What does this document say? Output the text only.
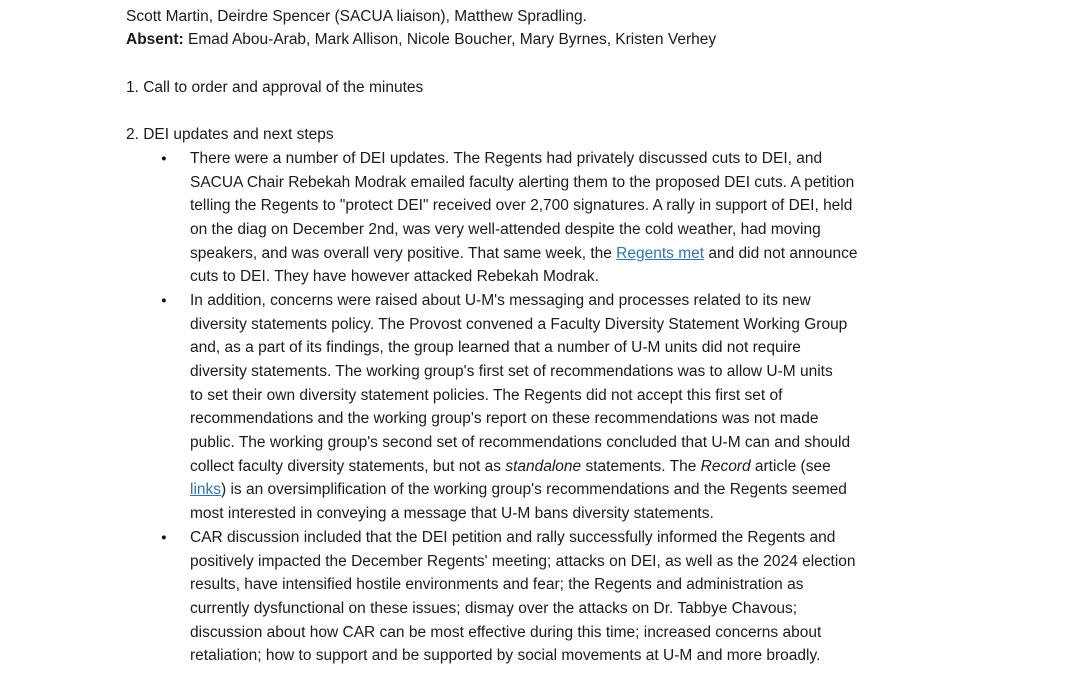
Scott Martin, Deirdre Spencer (SACUA liaison), Matthew Spradling.
Absent: Emad Abou-Arab, Mark Allison, Nicole Boucher, Mary Byrnes, Kristen Verhey
1. Call to order and approval of the minutes
2. DEI updates and next steps
●	There were a number of DEI updates. The Regents had privately discussed cuts to DEI, and
SACUA Chair Rebekah Modrak emailed faculty alerting them to the proposed DEI cuts. A petition
telling the Regents to "protect DEI" received over 2,700 signatures. A rally in support of DEI, held
on the diag on December 2nd, was very well-attended despite the cold weather, had moving
speakers, and was overall very positive. That same week, the Regents met and did not announce
cuts to DEI. They have however attacked Rebekah Modrak.
●	In addition, concerns were raised about U-M's messaging and processes related to its new
diversity statements policy. The Provost convened a Faculty Diversity Statement Working Group
and, as a part of its findings, the group learned that a number of U-M units did not require
diversity statements. The working group's first set of recommendations was to allow U-M units
to set their own diversity statement policies. The Regents did not accept this first set of
recommendations and the working group's report on these recommendations was not made
public. The working group's second set of recommendations concluded that U-M can and should
collect faculty diversity statements, but not as standalone statements. The Record article (see
links) is an oversimplification of the working group's recommendations and the Regents seemed
most interested in conveying a message that U-M bans diversity statements.
●	CAR discussion included that the DEI petition and rally successfully informed the Regents and
positively impacted the December Regents' meeting; attacks on DEI, as well as the 2024 election
results, have intensified hostile environments and fear; the Regents and administration as
currently dysfunctional on these issues; dismay over the attacks on Dr. Tabbye Chavous;
discussion about how CAR can be most effective during this time; increased concerns about
retaliation; how to support and be supported by social movements at U-M and more broadly.
